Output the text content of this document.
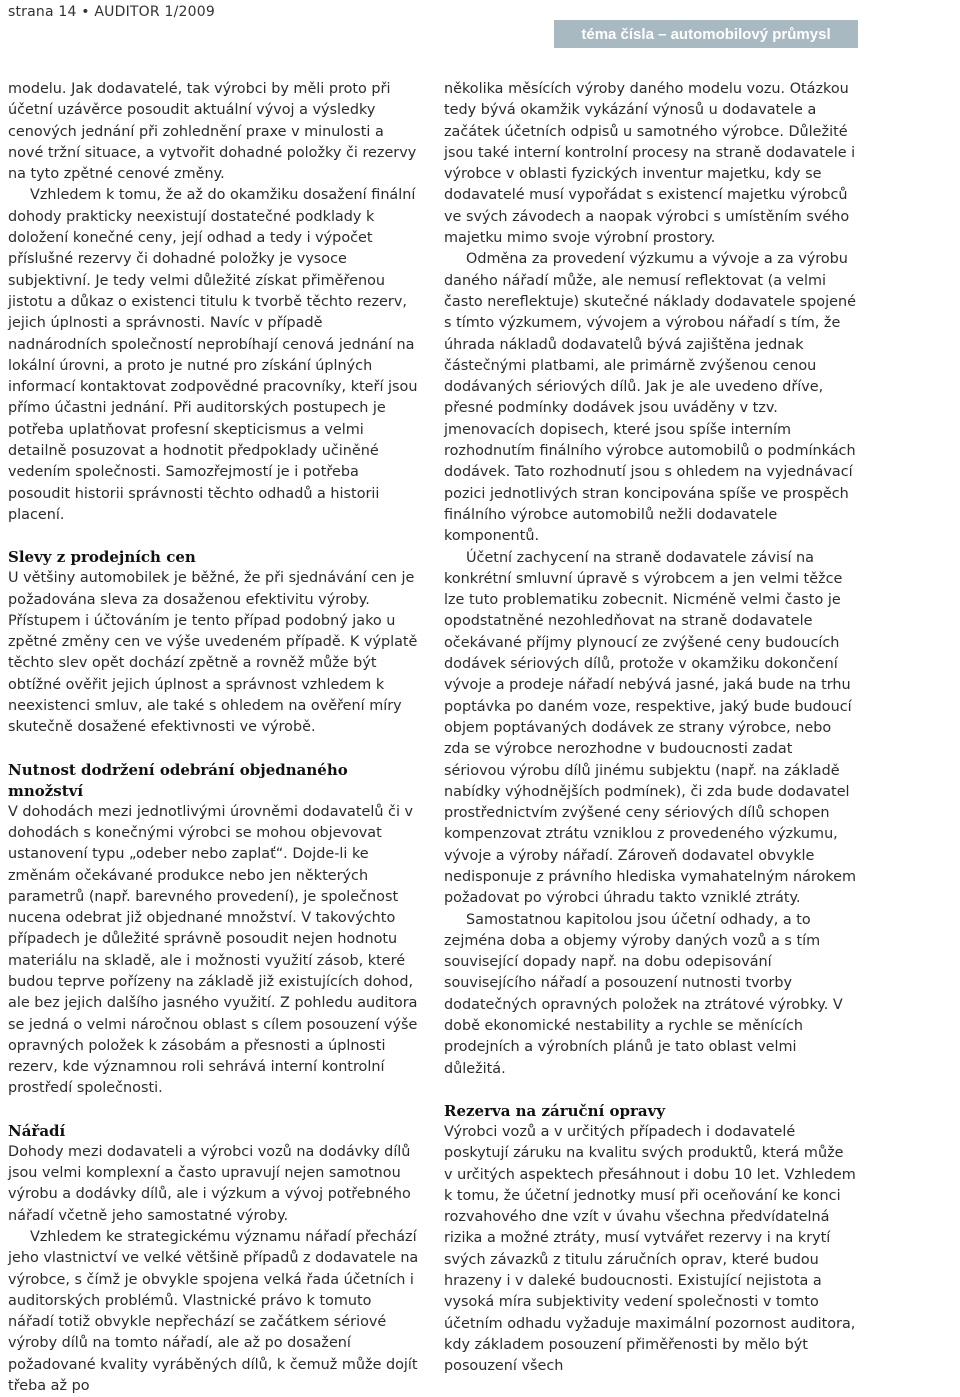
strana 14 • AUDITOR 1/2009
téma čísla – automobilový průmysl

modelu. Jak dodavatelé, tak výrobci by měli proto při účetní uzávěrce posoudit aktuální vývoj a výsledky cenových jednání při zohlednění praxe v minulosti a nové tržní situace, a vytvořit dohadné položky či rezervy na tyto zpětné cenové změny.

Vzhledem k tomu, že až do okamžiku dosažení finální dohody prakticky neexistují dostatečné podklady k doložení konečné ceny, její odhad a tedy i výpočet příslušné rezervy či dohadné položky je vysoce subjektivní. Je tedy velmi důležité získat přiměřenou jistotu a důkaz o existenci titulu k tvorbě těchto rezerv, jejich úplnosti a správnosti. Navíc v případě nadnárodních společností neprobíhají cenová jednání na lokální úrovni, a proto je nutné pro získání úplných informací kontaktovat zodpovědné pracovníky, kteří jsou přímo účastni jednání. Při auditorských postupech je potřeba uplatňovat profesní skepticismus a velmi detailně posuzovat a hodnotit předpoklady učiněné vedením společnosti. Samozřejmostí je i potřeba posoudit historii správnosti těchto odhadů a historii placení.

Slevy z prodejních cen

U většiny automobilek je běžné, že při sjednávání cen je požadována sleva za dosaženou efektivitu výroby. Přístupem i účtováním je tento případ podobný jako u zpětné změny cen ve výše uvedeném případě. K výplatě těchto slev opět dochází zpětně a rovněž může být obtížné ověřit jejich úplnost a správnost vzhledem k neexistenci smluv, ale také s ohledem na ověření míry skutečně dosažené efektivnosti ve výrobě.

Nutnost dodržení odebrání objednaného množství

V dohodách mezi jednotlivými úrovněmi dodavatelů či v dohodách s konečnými výrobci se mohou objevovat ustanovení typu „odeber nebo zaplať“. Dojde-li ke změnám očekávané produkce nebo jen některých parametrů (např. barevného provedení), je společnost nucena odebrat již objednané množství. V takovýchto případech je důležité správně posoudit nejen hodnotu materiálu na skladě, ale i možnosti využití zásob, které budou teprve pořízeny na základě již existujících dohod, ale bez jejich dalšího jasného využití. Z pohledu auditora se jedná o velmi náročnou oblast s cílem posouzení výše opravných položek k zásobám a přesnosti a úplnosti rezerv, kde významnou roli sehrává interní kontrolní prostředí společnosti.

Nářadí

Dohody mezi dodavateli a výrobci vozů na dodávky dílů jsou velmi komplexní a často upravují nejen samotnou výrobu a dodávky dílů, ale i výzkum a vývoj potřebného nářadí včetně jeho samostatné výroby.

Vzhledem ke strategickému významu nářadí přechází jeho vlastnictví ve velké většině případů z dodavatele na výrobce, s čímž je obvykle spojena velká řada účetních i auditorských problémů. Vlastnické právo k tomuto nářadí totiž obvykle nepřechází se začátkem sériové výroby dílů na tomto nářadí, ale až po dosažení požadované kvality vyráběných dílů, k čemuž může dojít třeba až po

několika měsících výroby daného modelu vozu. Otázkou tedy bývá okamžik vykázání výnosů u dodavatele a začátek účetních odpisů u samotného výrobce. Důležité jsou také interní kontrolní procesy na straně dodavatele i výrobce v oblasti fyzických inventur majetku, kdy se dodavatelé musí vypořádat s existencí majetku výrobců ve svých závodech a naopak výrobci s umístěním svého majetku mimo svoje výrobní prostory.

Odměna za provedení výzkumu a vývoje a za výrobu daného nářadí může, ale nemusí reflektovat (a velmi často nereflektuje) skutečné náklady dodavatele spojené s tímto výzkumem, vývojem a výrobou nářadí s tím, že úhrada nákladů dodavatelů bývá zajištěna jednak částečnými platbami, ale primárně zvýšenou cenou dodávaných sériových dílů. Jak je ale uvedeno dříve, přesné podmínky dodávek jsou uváděny v tzv. jmenovacích dopisech, které jsou spíše interním rozhodnutím finálního výrobce automobilů o podmínkách dodávek. Tato rozhodnutí jsou s ohledem na vyjednávací pozici jednotlivých stran koncipována spíše ve prospěch finálního výrobce automobilů nežli dodavatele komponentů.

Účetní zachycení na straně dodavatele závisí na konkrétní smluvní úpravě s výrobcem a jen velmi těžce lze tuto problematiku zobecnit. Nicméně velmi často je opodstatněné nezohledňovat na straně dodavatele očekávané příjmy plynoucí ze zvýšené ceny budoucích dodávek sériových dílů, protože v okamžiku dokončení vývoje a prodeje nářadí nebývá jasné, jaká bude na trhu poptávka po daném voze, respektive, jaký bude budoucí objem poptávaných dodávek ze strany výrobce, nebo zda se výrobce nerozhodne v budoucnosti zadat sériovou výrobu dílů jinému subjektu (např. na základě nabídky výhodnějších podmínek), či zda bude dodavatel prostřednictvím zvýšené ceny sériových dílů schopen kompenzovat ztrátu vzniklou z provedeného výzkumu, vývoje a výroby nářadí. Zároveň dodavatel obvykle nedisponuje z právního hlediska vymahatelným nárokem požadovat po výrobci úhradu takto vzniklé ztráty.

Samostatnou kapitolou jsou účetní odhady, a to zejména doba a objemy výroby daných vozů a s tím související dopady např. na dobu odepisování souvisejícího nářadí a posouzení nutnosti tvorby dodatečných opravných položek na ztrátové výrobky. V době ekonomické nestability a rychle se měnících prodejních a výrobních plánů je tato oblast velmi důležitá.

Rezerva na záruční opravy

Výrobci vozů a v určitých případech i dodavatelé poskytují záruku na kvalitu svých produktů, která může v určitých aspektech přesáhnout i dobu 10 let. Vzhledem k tomu, že účetní jednotky musí při oceňování ke konci rozvahového dne vzít v úvahu všechna předvídatelná rizika a možné ztráty, musí vytvářet rezervy i na krytí svých závazků z titulu záručních oprav, které budou hrazeny i v daleké budoucnosti. Existující nejistota a vysoká míra subjektivity vedení společnosti v tomto účetním odhadu vyžaduje maximální pozornost auditora, kdy základem posouzení přiměřenosti by mělo být posouzení všech
